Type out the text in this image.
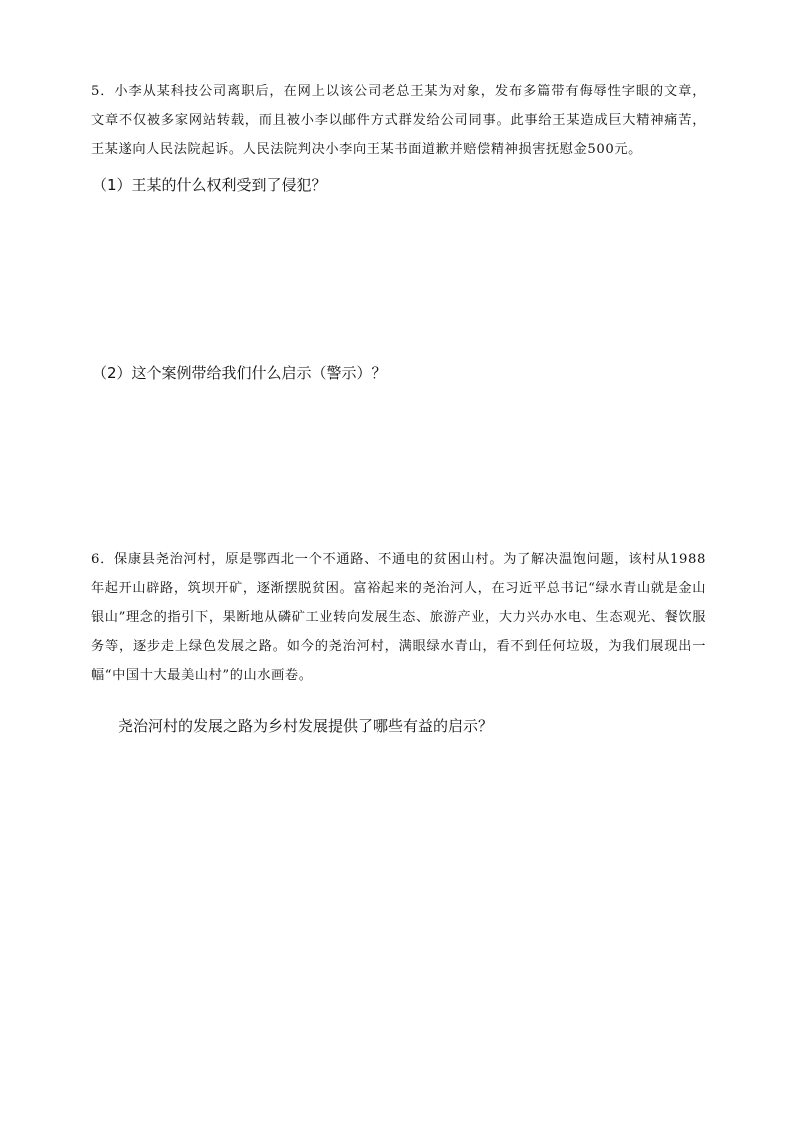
5．小李从某科技公司离职后，在网上以该公司老总王某为对象，发布多篇带有侮辱性字眼的文章，文章不仅被多家网站转载，而且被小李以邮件方式群发给公司同事。此事给王某造成巨大精神痛苦，王某遂向人民法院起诉。人民法院判决小李向王某书面道歉并赔偿精神损害抚慰金500元。
（1）王某的什么权利受到了侵犯？
（2）这个案例带给我们什么启示（警示）？
6．保康县尧治河村，原是鄂西北一个不通路、不通电的贫困山村。为了解决温饱问题，该村从1988年起开山辟路，筑坝开矿，逐渐摆脱贫困。富裕起来的尧治河人，在习近平总书记“绿水青山就是金山银山”理念的指引下，果断地从磷矿工业转向发展生态、旅游产业，大力兴办水电、生态观光、餐饮服务等，逐步走上绿色发展之路。如今的尧治河村，满眼绿水青山，看不到任何垃圾，为我们展现出一幅“中国十大最美山村”的山水画卷。
尧治河村的发展之路为乡村发展提供了哪些有益的启示？
